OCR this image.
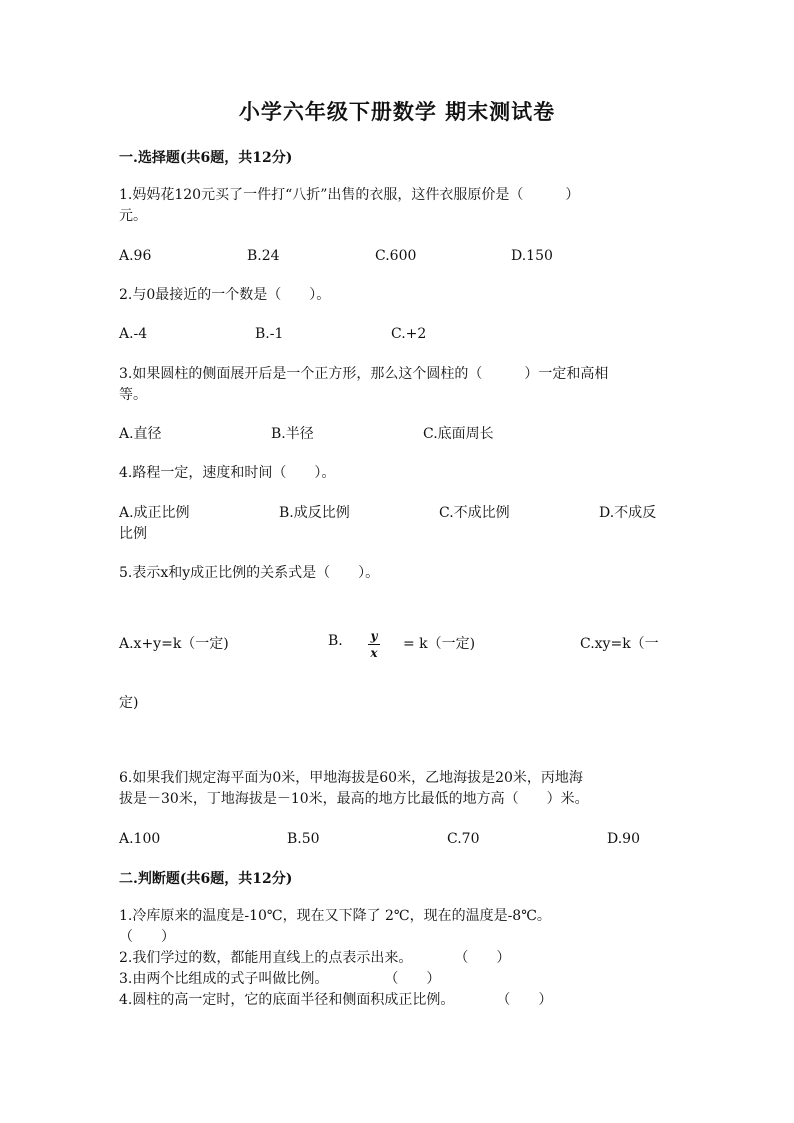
小学六年级下册数学 期末测试卷
一.选择题(共6题，共12分)
1.妈妈花120元买了一件打“八折”出售的衣服，这件衣服原价是（　　　）
元。
A.96	B.24	C.600	D.150
2.与0最接近的一个数是（　　）。
A.-4	B.-1	C.+2
3.如果圆柱的侧面展开后是一个正方形，那么这个圆柱的（　　　）一定和高相
等。
A.直径	B.半径	C.底面周长
4.路程一定，速度和时间（　　）。
A.成正比例	B.成反比例	C.不成比例	D.不成反
比例
5.表示x和y成正比例的关系式是（　　）。
A.x+y=k（一定)	B. y
x
= k（一定)	C.xy=k（一
定)
6.如果我们规定海平面为0米，甲地海拔是60米，乙地海拔是20米，丙地海
拔是－30米，丁地海拔是－10米，最高的地方比最低的地方高（　　）米。
A.100	B.50	C.70	D.90
二.判断题(共6题，共12分)
1.冷库原来的温度是-10℃，现在又下降了 2℃，现在的温度是-8℃。
（　　）
2.我们学过的数，都能用直线上的点表示出来。　　　　（　　）
3.由两个比组成的式子叫做比例。　　　　　（　　）
4.圆柱的高一定时，它的底面半径和侧面积成正比例。　　　　（　　）
